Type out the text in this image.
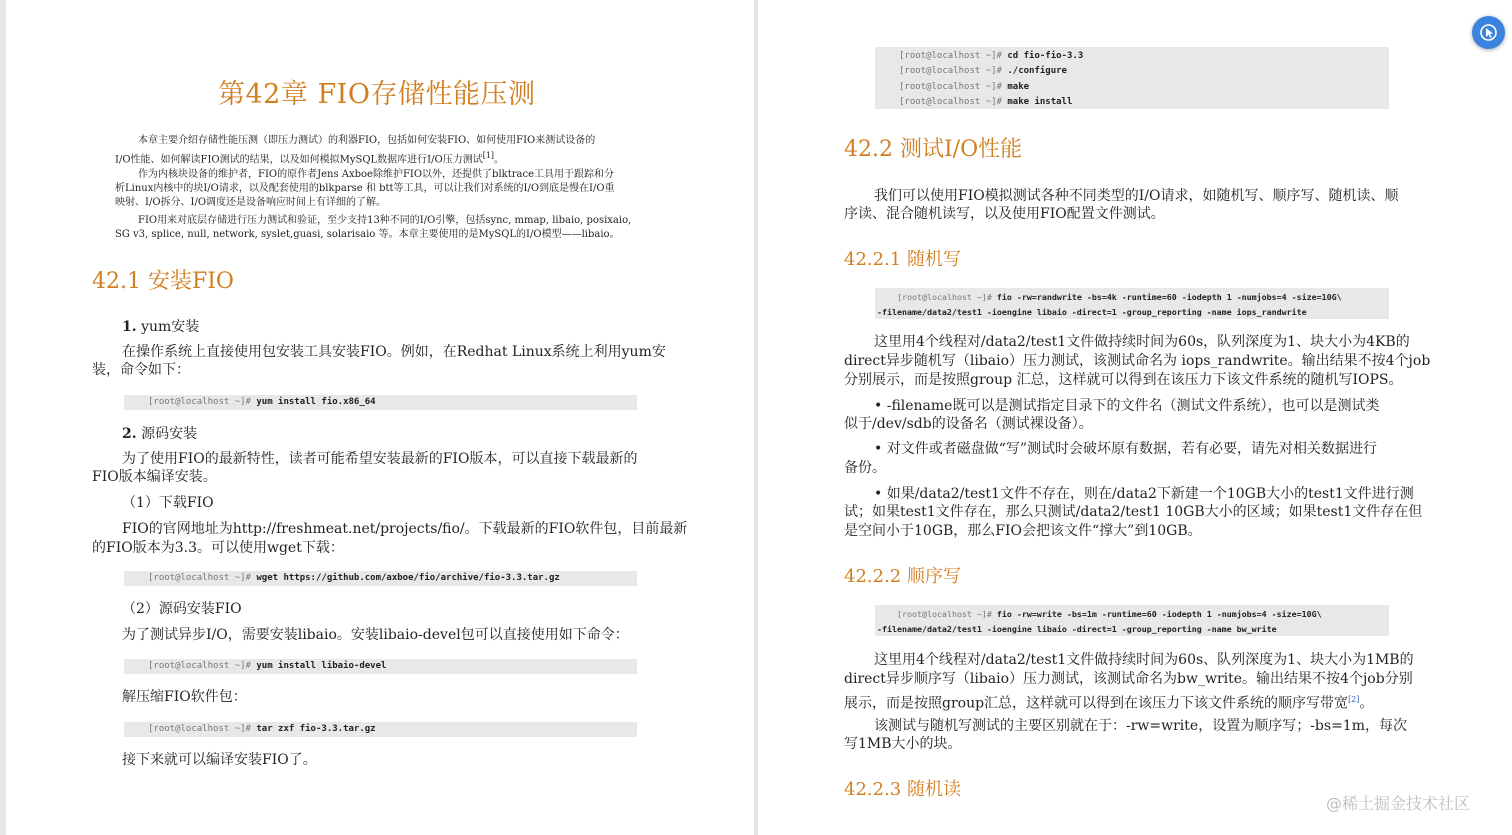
第42章 FIO存储性能压测
本章主要介绍存储性能压测（即压力测试）的利器FIO，包括如何安装FIO、如何使用FIO来测试设备的
I/O性能、如何解读FIO测试的结果，以及如何模拟MySQL数据库进行I/O压力测试[1]。
作为内核块设备的维护者，FIO的原作者Jens Axboe除维护FIO以外，还提供了blktrace工具用于跟踪和分
析Linux内核中的块I/O请求，以及配套使用的blkparse 和 btt等工具，可以让我们对系统的I/O到底是慢在I/O重
映射、I/O拆分、I/O调度还是设备响应时间上有详细的了解。
FIO用来对底层存储进行压力测试和验证，至少支持13种不同的I/O引擎，包括sync, mmap, libaio, posixaio,
SG v3, splice, null, network, syslet,guasi, solarisaio 等。本章主要使用的是MySQL的I/O模型——libaio。
42.1 安装FIO
1. yum安装
在操作系统上直接使用包安装工具安装FIO。例如，在Redhat Linux系统上利用yum安
装，命令如下：
[root@localhost ~]# yum install fio.x86_64
2. 源码安装
为了使用FIO的最新特性，读者可能希望安装最新的FIO版本，可以直接下载最新的
FIO版本编译安装。
（1）下载FIO
FIO的官网地址为http://freshmeat.net/projects/fio/。下载最新的FIO软件包，目前最新
的FIO版本为3.3。可以使用wget下载：
[root@localhost ~]# wget https://github.com/axboe/fio/archive/fio-3.3.tar.gz
（2）源码安装FIO
为了测试异步I/O，需要安装libaio。安装libaio-devel包可以直接使用如下命令：
[root@localhost ~]# yum install libaio-devel
解压缩FIO软件包：
[root@localhost ~]# tar zxf fio-3.3.tar.gz
接下来就可以编译安装FIO了。
[root@localhost ~]# cd fio-fio-3.3
[root@localhost ~]# ./configure
[root@localhost ~]# make
[root@localhost ~]# make install
42.2 测试I/O性能
我们可以使用FIO模拟测试各种不同类型的I/O请求，如随机写、顺序写、随机读、顺
序读、混合随机读写，以及使用FIO配置文件测试。
42.2.1 随机写
[root@localhost ~]# fio -rw=randwrite -bs=4k -runtime=60 -iodepth 1 -numjobs=4 -size=10G\
-filename/data2/test1 -ioengine libaio -direct=1 -group_reporting -name iops_randwrite
这里用4个线程对/data2/test1文件做持续时间为60s，队列深度为1、块大小为4KB的
direct异步随机写（libaio）压力测试，该测试命名为 iops_randwrite。输出结果不按4个job
分别展示，而是按照group 汇总，这样就可以得到在该压力下该文件系统的随机写IOPS。
• -filename既可以是测试指定目录下的文件名（测试文件系统），也可以是测试类
似于/dev/sdb的设备名（测试裸设备）。
• 对文件或者磁盘做“写”测试时会破坏原有数据，若有必要，请先对相关数据进行
备份。
• 如果/data2/test1文件不存在，则在/data2下新建一个10GB大小的test1文件进行测
试；如果test1文件存在，那么只测试/data2/test1 10GB大小的区域；如果test1文件存在但
是空间小于10GB，那么FIO会把该文件“撑大”到10GB。
42.2.2 顺序写
[root@localhost ~]# fio -rw=write -bs=1m -runtime=60 -iodepth 1 -numjobs=4 -size=10G\
-filename/data2/test1 -ioengine libaio -direct=1 -group_reporting -name bw_write
这里用4个线程对/data2/test1文件做持续时间为60s、队列深度为1、块大小为1MB的
direct异步顺序写（libaio）压力测试，该测试命名为bw_write。输出结果不按4个job分别
展示，而是按照group汇总，这样就可以得到在该压力下该文件系统的顺序写带宽[2]。
该测试与随机写测试的主要区别就在于：-rw=write，设置为顺序写；-bs=1m，每次
写1MB大小的块。
42.2.3 随机读
@稀土掘金技术社区
